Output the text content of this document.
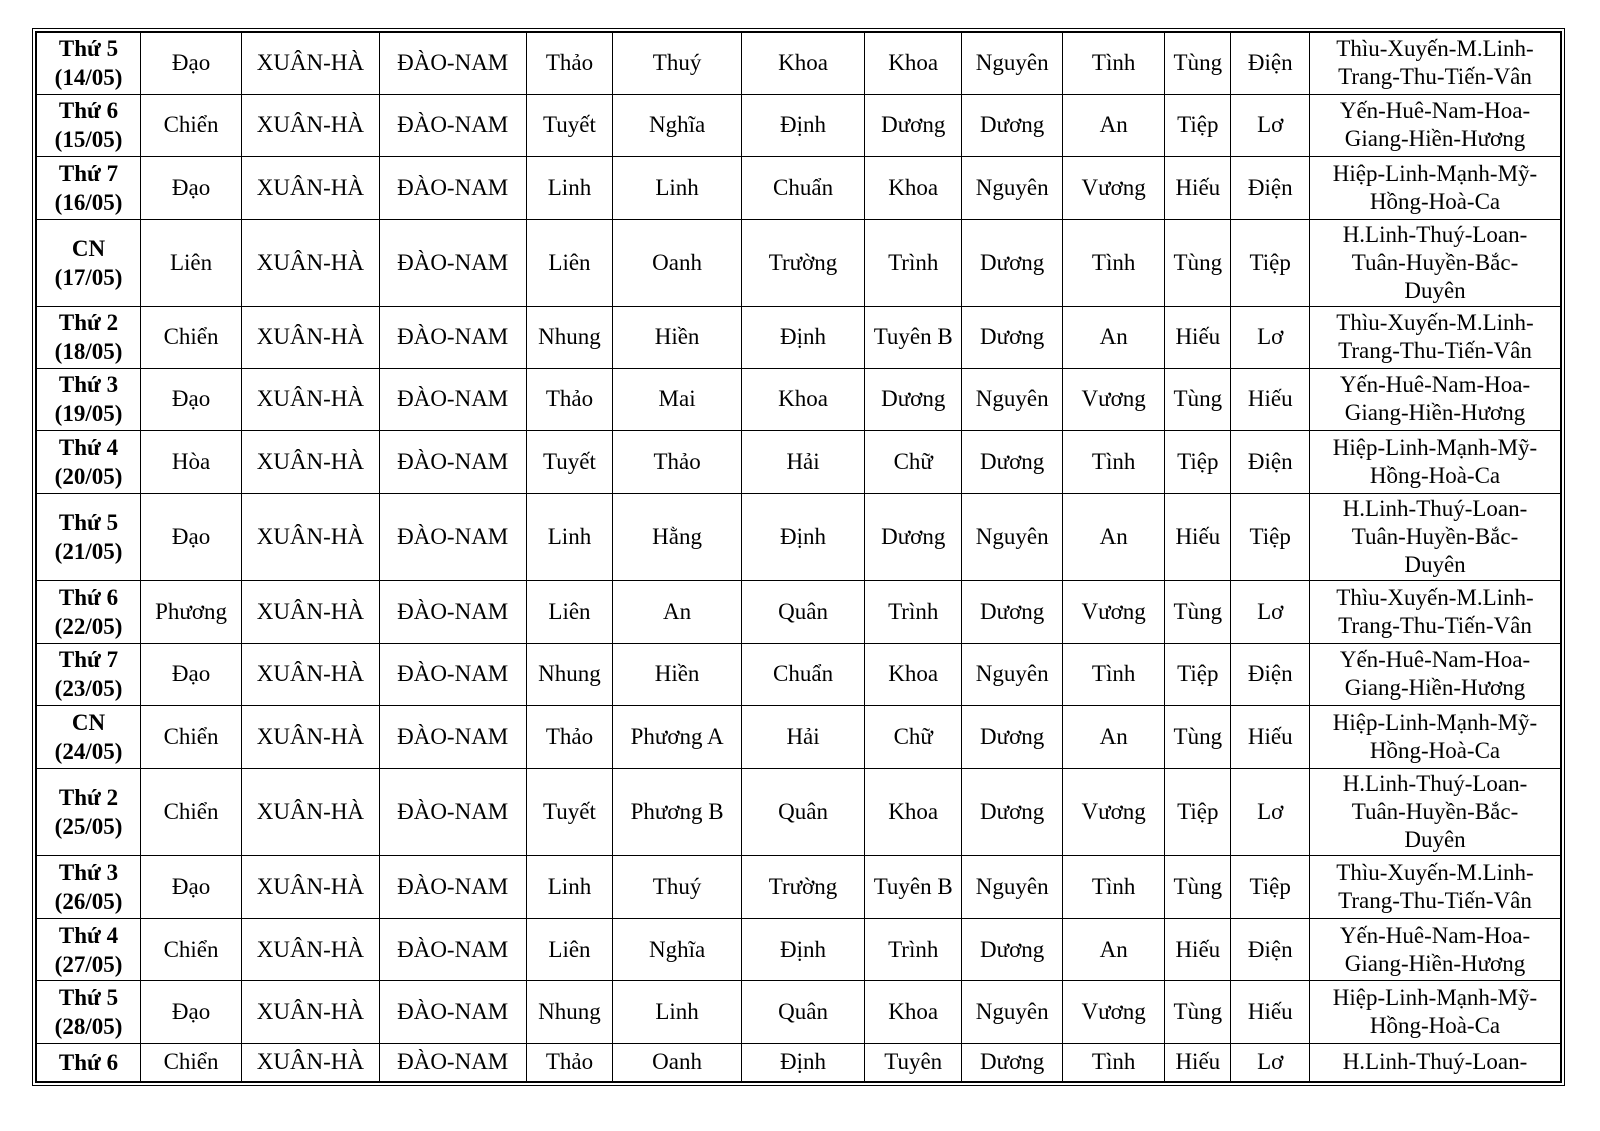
Thứ 5
(14/05)	Đạo	XUÂN-HÀ	ĐÀO-NAM	Thảo	Thuý	Khoa	Khoa	Nguyên	Tình	Tùng	Điện	Thìu-Xuyến-M.Linh-
Trang-Thu-Tiến-Vân

Thứ 6
(15/05)	Chiển	XUÂN-HÀ	ĐÀO-NAM	Tuyết	Nghĩa	Định	Dương	Dương	An	Tiệp	Lơ	Yến-Huê-Nam-Hoa-
Giang-Hiền-Hương

Thứ 7
(16/05)	Đạo	XUÂN-HÀ	ĐÀO-NAM	Linh	Linh	Chuẩn	Khoa	Nguyên	Vương	Hiếu	Điện	Hiệp-Linh-Mạnh-Mỹ-
Hồng-Hoà-Ca

CN
(17/05)	Liên	XUÂN-HÀ	ĐÀO-NAM	Liên	Oanh	Trường	Trình	Dương	Tình	Tùng	Tiệp	H.Linh-Thuý-Loan-
Tuân-Huyền-Bắc-
Duyên

Thứ 2
(18/05)	Chiển	XUÂN-HÀ	ĐÀO-NAM	Nhung	Hiền	Định	Tuyên B	Dương	An	Hiếu	Lơ	Thìu-Xuyến-M.Linh-
Trang-Thu-Tiến-Vân

Thứ 3
(19/05)	Đạo	XUÂN-HÀ	ĐÀO-NAM	Thảo	Mai	Khoa	Dương	Nguyên	Vương	Tùng	Hiếu	Yến-Huê-Nam-Hoa-
Giang-Hiền-Hương

Thứ 4
(20/05)	Hòa	XUÂN-HÀ	ĐÀO-NAM	Tuyết	Thảo	Hải	Chữ	Dương	Tình	Tiệp	Điện	Hiệp-Linh-Mạnh-Mỹ-
Hồng-Hoà-Ca

Thứ 5
(21/05)	Đạo	XUÂN-HÀ	ĐÀO-NAM	Linh	Hằng	Định	Dương	Nguyên	An	Hiếu	Tiệp	H.Linh-Thuý-Loan-
Tuân-Huyền-Bắc-
Duyên

Thứ 6
(22/05)	Phương	XUÂN-HÀ	ĐÀO-NAM	Liên	An	Quân	Trình	Dương	Vương	Tùng	Lơ	Thìu-Xuyến-M.Linh-
Trang-Thu-Tiến-Vân

Thứ 7
(23/05)	Đạo	XUÂN-HÀ	ĐÀO-NAM	Nhung	Hiền	Chuẩn	Khoa	Nguyên	Tình	Tiệp	Điện	Yến-Huê-Nam-Hoa-
Giang-Hiền-Hương

CN
(24/05)	Chiển	XUÂN-HÀ	ĐÀO-NAM	Thảo	Phương A	Hải	Chữ	Dương	An	Tùng	Hiếu	Hiệp-Linh-Mạnh-Mỹ-
Hồng-Hoà-Ca

Thứ 2
(25/05)	Chiển	XUÂN-HÀ	ĐÀO-NAM	Tuyết	Phương B	Quân	Khoa	Dương	Vương	Tiệp	Lơ	H.Linh-Thuý-Loan-
Tuân-Huyền-Bắc-
Duyên

Thứ 3
(26/05)	Đạo	XUÂN-HÀ	ĐÀO-NAM	Linh	Thuý	Trường	Tuyên B	Nguyên	Tình	Tùng	Tiệp	Thìu-Xuyến-M.Linh-
Trang-Thu-Tiến-Vân

Thứ 4
(27/05)	Chiển	XUÂN-HÀ	ĐÀO-NAM	Liên	Nghĩa	Định	Trình	Dương	An	Hiếu	Điện	Yến-Huê-Nam-Hoa-
Giang-Hiền-Hương

Thứ 5
(28/05)	Đạo	XUÂN-HÀ	ĐÀO-NAM	Nhung	Linh	Quân	Khoa	Nguyên	Vương	Tùng	Hiếu	Hiệp-Linh-Mạnh-Mỹ-
Hồng-Hoà-Ca

Thứ 6	Chiển	XUÂN-HÀ	ĐÀO-NAM	Thảo	Oanh	Định	Tuyên	Dương	Tình	Hiếu	Lơ	H.Linh-Thuý-Loan-
